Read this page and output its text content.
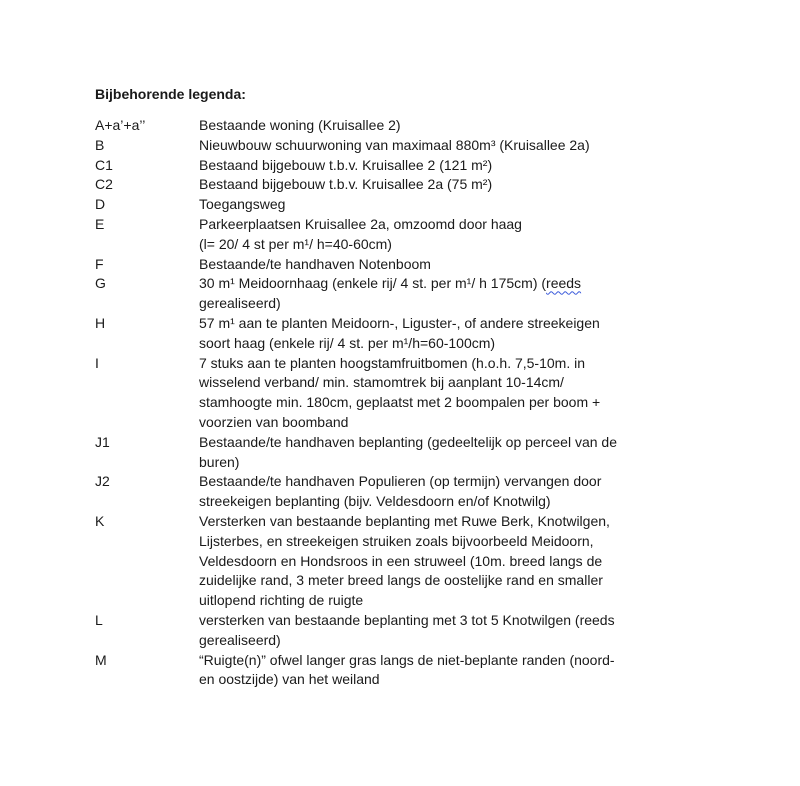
Bijbehorende legenda:
A+a’+a’’	Bestaande woning (Kruisallee 2)
B	Nieuwbouw schuurwoning van maximaal 880m³ (Kruisallee 2a)
C1	Bestaand bijgebouw t.b.v. Kruisallee 2 (121 m²)
C2	Bestaand bijgebouw t.b.v. Kruisallee 2a (75 m²)
D	Toegangsweg
E	Parkeerplaatsen Kruisallee 2a, omzoomd door haag
(l= 20/ 4 st per m¹/ h=40-60cm)
F	Bestaande/te handhaven Notenboom
G	30 m¹ Meidoornhaag (enkele rij/ 4 st. per m¹/ h 175cm) (reeds
gerealiseerd)
H	57 m¹ aan te planten Meidoorn-, Liguster-, of andere streekeigen
soort haag (enkele rij/ 4 st. per m¹/h=60-100cm)
I	7 stuks aan te planten hoogstamfruitbomen (h.o.h. 7,5-10m. in
wisselend verband/ min. stamomtrek bij aanplant 10-14cm/
stamhoogte min. 180cm, geplaatst met 2 boompalen per boom +
voorzien van boomband
J1	Bestaande/te handhaven beplanting (gedeeltelijk op perceel van de
buren)
J2	Bestaande/te handhaven Populieren (op termijn) vervangen door
streekeigen beplanting (bijv. Veldesdoorn en/of Knotwilg)
K	Versterken van bestaande beplanting met Ruwe Berk, Knotwilgen,
Lijsterbes, en streekeigen struiken zoals bijvoorbeeld Meidoorn,
Veldesdoorn en Hondsroos in een struweel (10m. breed langs de
zuidelijke rand, 3 meter breed langs de oostelijke rand en smaller
uitlopend richting de ruigte
L	versterken van bestaande beplanting met 3 tot 5 Knotwilgen (reeds
gerealiseerd)
M	“Ruigte(n)” ofwel langer gras langs de niet-beplante randen (noord-
en oostzijde) van het weiland
